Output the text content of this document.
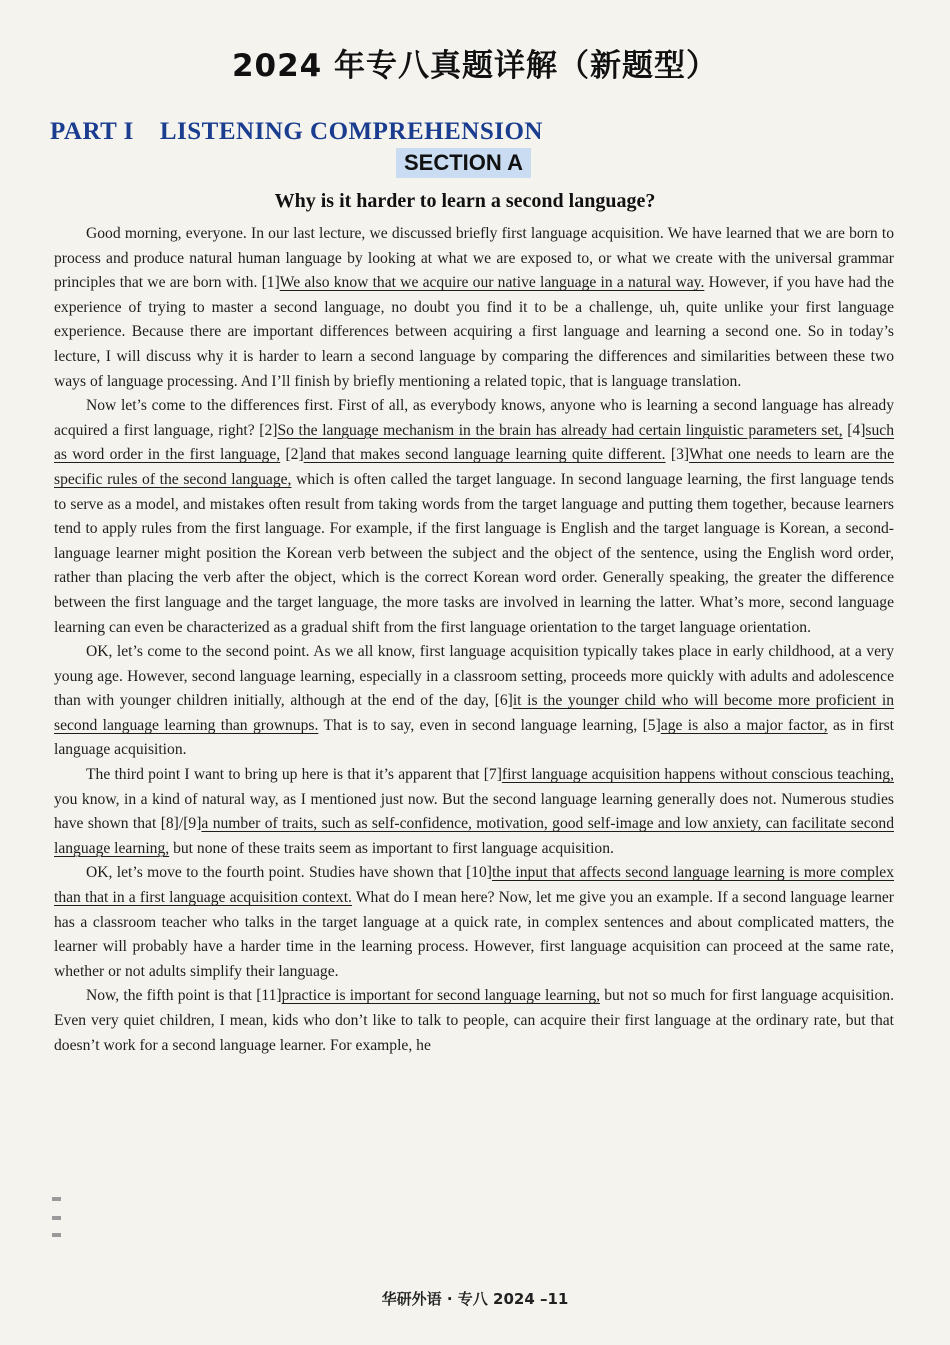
2024 年专八真题详解（新题型）
PART I LISTENING COMPREHENSION
SECTION A
Why is it harder to learn a second language?

Good morning, everyone. In our last lecture, we discussed briefly first language acquisition. We have learned that we are born to process and produce natural human language by looking at what we are exposed to, or what we create with the universal grammar principles that we are born with. [1]We also know that we acquire our native language in a natural way. However, if you have had the experience of trying to master a second language, no doubt you find it to be a challenge, uh, quite unlike your first language experience. Because there are important differences between acquiring a first language and learning a second one. So in today’s lecture, I will discuss why it is harder to learn a second language by comparing the differences and similarities between these two ways of language processing. And I’ll finish by briefly mentioning a related topic, that is language translation.

Now let’s come to the differences first. First of all, as everybody knows, anyone who is learning a second language has already acquired a first language, right? [2]So the language mechanism in the brain has already had certain linguistic parameters set, [4]such as word order in the first language, [2]and that makes second language learning quite different. [3]What one needs to learn are the specific rules of the second language, which is often called the target language. In second language learning, the first language tends to serve as a model, and mistakes often result from taking words from the target language and putting them together, because learners tend to apply rules from the first language. For example, if the first language is English and the target language is Korean, a second-language learner might position the Korean verb between the subject and the object of the sentence, using the English word order, rather than placing the verb after the object, which is the correct Korean word order. Generally speaking, the greater the difference between the first language and the target language, the more tasks are involved in learning the latter. What’s more, second language learning can even be characterized as a gradual shift from the first language orientation to the target language orientation.

OK, let’s come to the second point. As we all know, first language acquisition typically takes place in early childhood, at a very young age. However, second language learning, especially in a classroom setting, proceeds more quickly with adults and adolescence than with younger children initially, although at the end of the day, [6]it is the younger child who will become more proficient in second language learning than grownups. That is to say, even in second language learning, [5]age is also a major factor, as in first language acquisition.

The third point I want to bring up here is that it’s apparent that [7]first language acquisition happens without conscious teaching, you know, in a kind of natural way, as I mentioned just now. But the second language learning generally does not. Numerous studies have shown that [8]/[9]a number of traits, such as self-confidence, motivation, good self-image and low anxiety, can facilitate second language learning, but none of these traits seem as important to first language acquisition.

OK, let’s move to the fourth point. Studies have shown that [10]the input that affects second language learning is more complex than that in a first language acquisition context. What do I mean here? Now, let me give you an example. If a second language learner has a classroom teacher who talks in the target language at a quick rate, in complex sentences and about complicated matters, the learner will probably have a harder time in the learning process. However, first language acquisition can proceed at the same rate, whether or not adults simplify their language.

Now, the fifth point is that [11]practice is important for second language learning, but not so much for first language acquisition. Even very quiet children, I mean, kids who don’t like to talk to people, can acquire their first language at the ordinary rate, but that doesn’t work for a second language learner. For example, he

华研外语 · 专八 2024 –11
